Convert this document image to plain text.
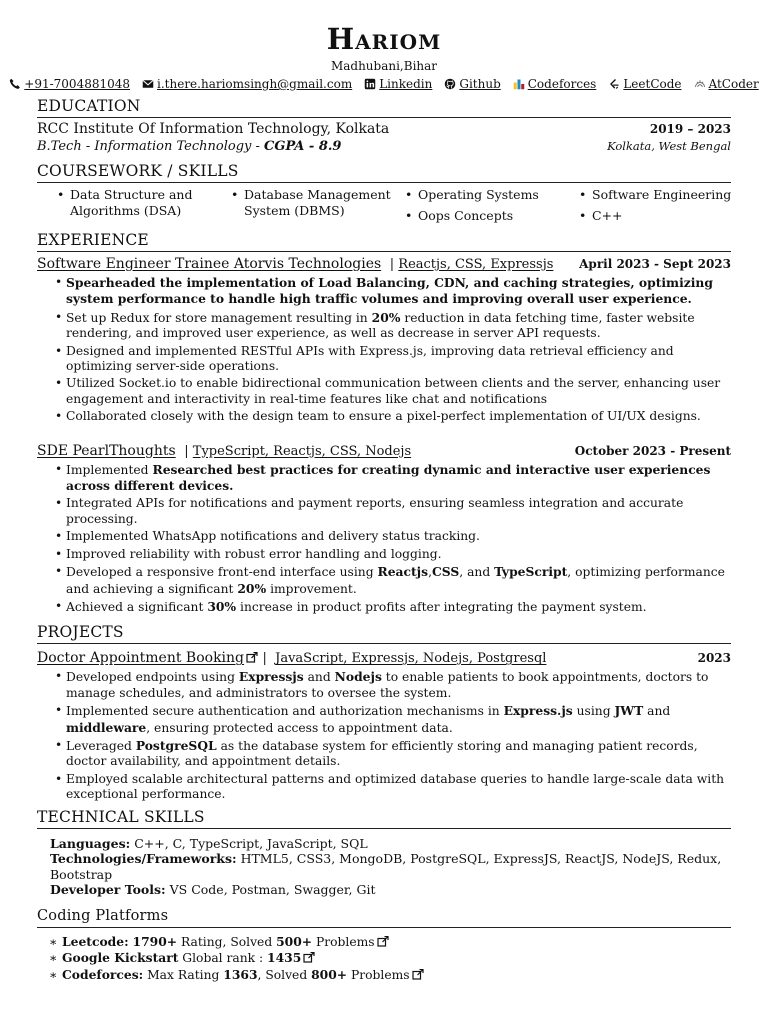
Hariom
Madhubani,Bihar
+91-7004881048 i.there.hariomsingh@gmail.com Linkedin Github Codeforces LeetCode AtCoder
EDUCATION
RCC Institute Of Information Technology, Kolkata	2019 – 2023
B.Tech - Information Technology - CGPA - 8.9	Kolkata, West Bengal
COURSEWORK / SKILLS
• Data Structure and Algorithms (DSA)
• Database Management System (DBMS)
• Operating Systems
• Oops Concepts
• Software Engineering
• C++
EXPERIENCE
Software Engineer Trainee Atorvis Technologies  | Reactjs, CSS, Expressjs April 2023 - Sept 2023
• Spearheaded the implementation of Load Balancing, CDN, and caching strategies, optimizing system performance to handle high traffic volumes and improving overall user experience.
• Set up Redux for store management resulting in 20% reduction in data fetching time, faster website rendering, and improved user experience, as well as decrease in server API requests.
• Designed and implemented RESTful APIs with Express.js, improving data retrieval efficiency and optimizing server-side operations.
• Utilized Socket.io to enable bidirectional communication between clients and the server, enhancing user engagement and interactivity in real-time features like chat and notifications
• Collaborated closely with the design team to ensure a pixel-perfect implementation of UI/UX designs.
SDE PearlThoughts  | TypeScript, Reactjs, CSS, Nodejs	October 2023 - Present
• Implemented Researched best practices for creating dynamic and interactive user experiences across different devices.
• Integrated APIs for notifications and payment reports, ensuring seamless integration and accurate processing.
• Implemented WhatsApp notifications and delivery status tracking.
• Improved reliability with robust error handling and logging.
• Developed a responsive front-end interface using Reactjs,CSS, and TypeScript, optimizing performance and achieving a significant 20% improvement.
• Achieved a significant 30% increase in product profits after integrating the payment system.
PROJECTS
Doctor Appointment Booking |  JavaScript, Expressjs, Nodejs, Postgresql	2023
• Developed endpoints using Expressjs and Nodejs to enable patients to book appointments, doctors to manage schedules, and administrators to oversee the system.
• Implemented secure authentication and authorization mechanisms in Express.js using JWT and middleware, ensuring protected access to appointment data.
• Leveraged PostgreSQL as the database system for efficiently storing and managing patient records, doctor availability, and appointment details.
• Employed scalable architectural patterns and optimized database queries to handle large-scale data with exceptional performance.
TECHNICAL SKILLS
Languages: C++, C, TypeScript, JavaScript, SQL
Technologies/Frameworks: HTML5, CSS3, MongoDB, PostgreSQL, ExpressJS, ReactJS, NodeJS, Redux, Bootstrap
Developer Tools: VS Code, Postman, Swagger, Git
Coding Platforms
∗ Leetcode: 1790+ Rating, Solved 500+ Problems
∗ Google Kickstart Global rank : 1435
∗ Codeforces: Max Rating 1363, Solved 800+ Problems
